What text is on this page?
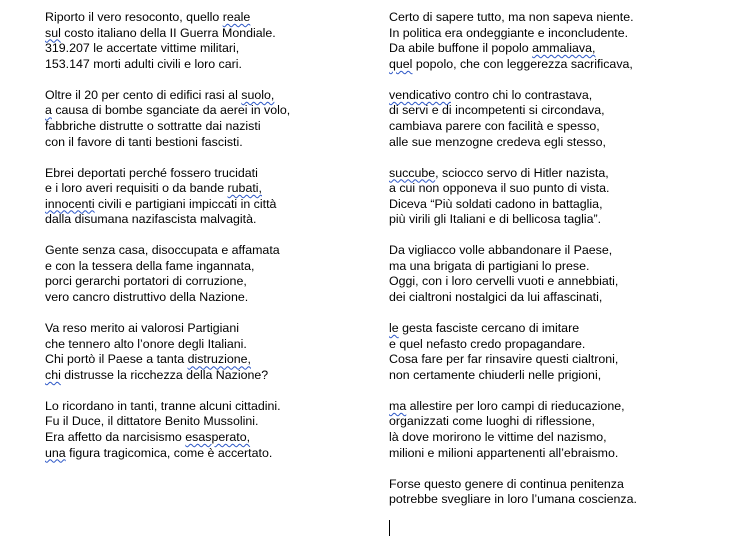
Riporto il vero resoconto, quello reale
sul costo italiano della II Guerra Mondiale.
319.207 le accertate vittime militari,
153.147 morti adulti civili e loro cari.
Oltre il 20 per cento di edifici rasi al suolo,
a causa di bombe sganciate da aerei in volo,
fabbriche distrutte o sottratte dai nazisti
con il favore di tanti bestioni fascisti.
Ebrei deportati perché fossero trucidati
e i loro averi requisiti o da bande rubati,
innocenti civili e partigiani impiccati in città
dalla disumana nazifascista malvagità.
Gente senza casa, disoccupata e affamata
e con la tessera della fame ingannata,
porci gerarchi portatori di corruzione,
vero cancro distruttivo della Nazione.
Va reso merito ai valorosi Partigiani
che tennero alto l’onore degli Italiani.
Chi portò il Paese a tanta distruzione,
chi distrusse la ricchezza della Nazione?
Lo ricordano in tanti, tranne alcuni cittadini.
Fu il Duce, il dittatore Benito Mussolini.
Era affetto da narcisismo esasperato,
una figura tragicomica, come è accertato.
Certo di sapere tutto, ma non sapeva niente.
In politica era ondeggiante e inconcludente.
Da abile buffone il popolo ammaliava,
quel popolo, che con leggerezza sacrificava,
vendicativo contro chi lo contrastava,
di servi e di incompetenti si circondava,
cambiava parere con facilità e spesso,
alle sue menzogne credeva egli stesso,
succube, sciocco servo di Hitler nazista,
a cui non opponeva il suo punto di vista.
Diceva “Più soldati cadono in battaglia,
più virili gli Italiani e di bellicosa taglia”.
Da vigliacco volle abbandonare il Paese,
ma una brigata di partigiani lo prese.
Oggi, con i loro cervelli vuoti e annebbiati,
dei cialtroni nostalgici da lui affascinati,
le gesta fasciste cercano di imitare
e quel nefasto credo propagandare.
Cosa fare per far rinsavire questi cialtroni,
non certamente chiuderli nelle prigioni,
ma allestire per loro campi di rieducazione,
organizzati come luoghi di riflessione,
là dove morirono le vittime del nazismo,
milioni e milioni appartenenti all’ebraismo.
Forse questo genere di continua penitenza
potrebbe svegliare in loro l’umana coscienza.
